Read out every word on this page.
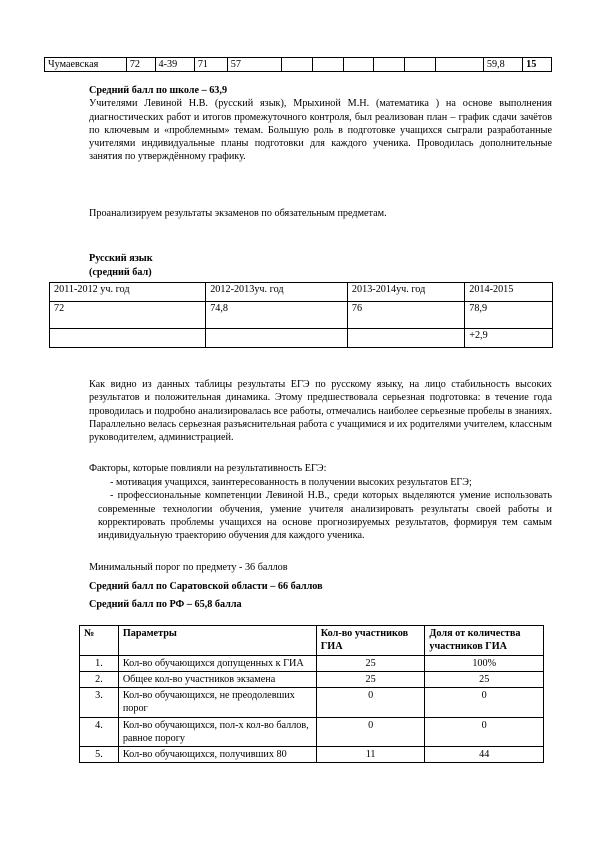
Чумаевская	72	4-39	71	57							59,8	15
Средний балл по школе – 63,9
Учителями Левиной Н.В. (русский язык), Мрыхиной М.Н. (математика ) на основе выполнения диагностических работ и итогов промежуточного контроля, был реализован план – график сдачи зачётов по ключевым и «проблемным» темам. Большую роль в подготовке учащихся сыграли разработанные учителями индивидуальные планы подготовки для каждого ученика. Проводилась дополнительные занятия по утверждённому графику.
Проанализируем результаты экзаменов по обязательным предметам.
Русский язык
(средний бал)
2011-2012 уч. год	2012-2013уч. год	2013-2014уч. год	2014-2015
72	74,8	76	78,9
			+2,9
Как видно из данных таблицы результаты ЕГЭ по русскому языку, на лицо стабильность высоких результатов и положительная динамика. Этому предшествовала серьезная подготовка: в течение года проводилась и подробно анализировалась все работы, отмечались наиболее серьезные пробелы в знаниях. Параллельно велась серьезная разъяснительная работа с учащимися и их родителями учителем, классным руководителем, администрацией.
Факторы, которые повлияли на результативность ЕГЭ:
- мотивация учащихся, заинтересованность в получении высоких результатов ЕГЭ;
- профессиональные компетенции Левиной Н.В., среди которых выделяются умение использовать современные технологии обучения, умение учителя анализировать результаты своей работы и корректировать проблемы учащихся на основе прогнозируемых результатов, формируя тем самым индивидуальную траекторию обучения для каждого ученика.
Минимальный порог по предмету - 36 баллов
Средний балл по Саратовской области – 66 баллов
Средний балл по РФ – 65,8 балла
№	Параметры	Кол-во участников ГИА	Доля от количества участников ГИА
1.	Кол-во обучающихся допущенных к ГИА	25	100%
2.	Общее кол-во участников экзамена	25	25
3.	Кол-во обучающихся, не преодолевших порог	0	0
4.	Кол-во обучающихся, пол-х кол-во баллов, равное порогу	0	0
5.	Кол-во обучающихся, получивших 80	11	44
